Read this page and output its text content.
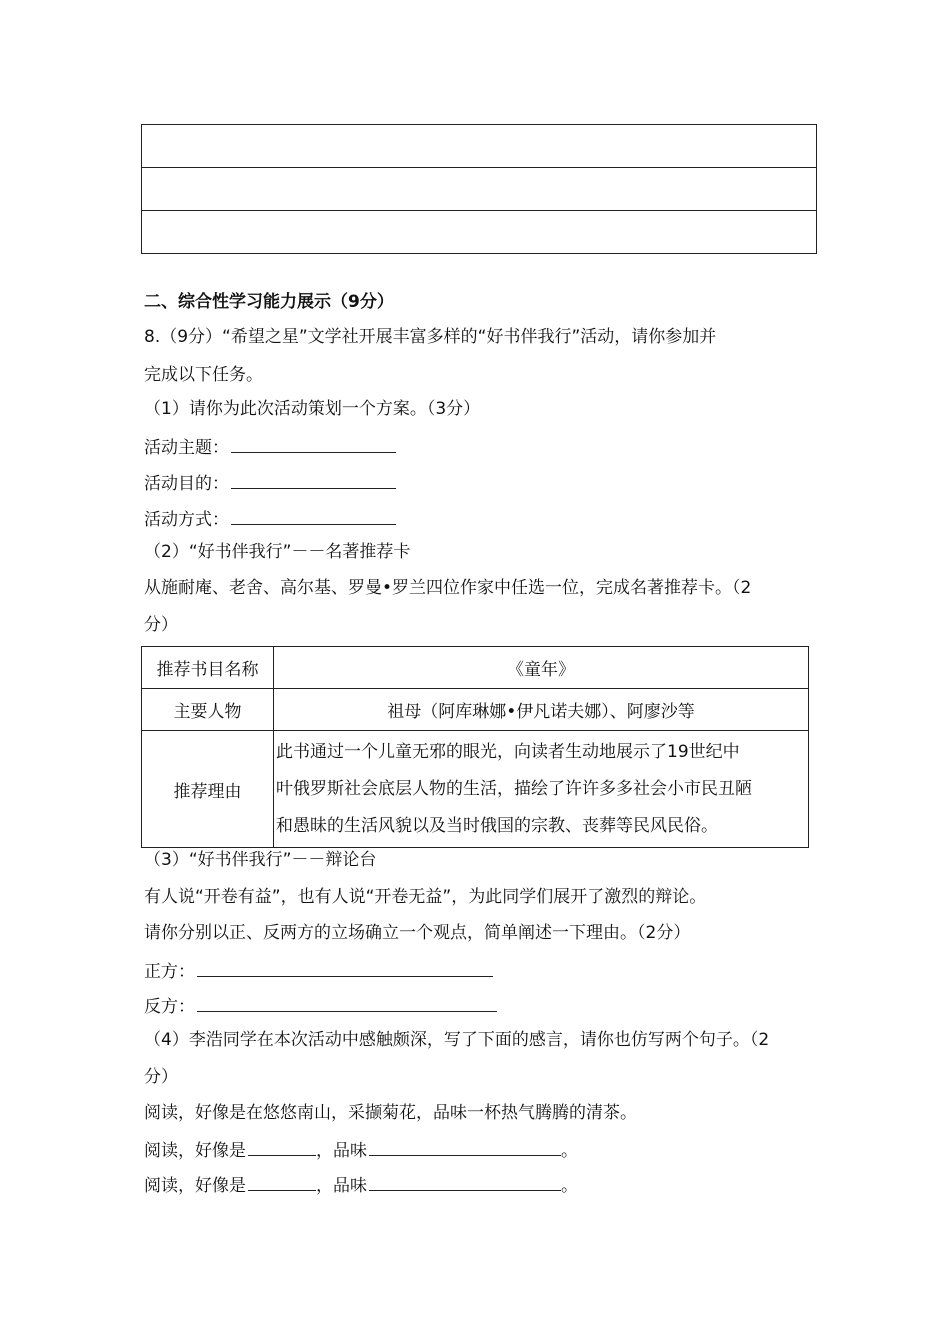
二、综合性学习能力展示（9分）
8.（9分）“希望之星”文学社开展丰富多样的“好书伴我行”活动，请你参加并
完成以下任务。
（1）请你为此次活动策划一个方案。（3分）
活动主题：
活动目的：
活动方式：
（2）“好书伴我行”－－名著推荐卡
从施耐庵、老舍、高尔基、罗曼•罗兰四位作家中任选一位，完成名著推荐卡。（2
分）
推荐书目名称	《童年》
主要人物	祖母（阿库琳娜•伊凡诺夫娜）、阿廖沙等
推荐理由	此书通过一个儿童无邪的眼光，向读者生动地展示了19世纪中
叶俄罗斯社会底层人物的生活，描绘了许许多多社会小市民丑陋
和愚昧的生活风貌以及当时俄国的宗教、丧葬等民风民俗。
（3）“好书伴我行”－－辩论台
有人说“开卷有益”，也有人说“开卷无益”，为此同学们展开了激烈的辩论。
请你分别以正、反两方的立场确立一个观点，简单阐述一下理由。（2分）
正方：
反方：
（4）李浩同学在本次活动中感触颇深，写了下面的感言，请你也仿写两个句子。（2
分）
阅读，好像是在悠悠南山，采撷菊花，品味一杯热气腾腾的清茶。
阅读，好像是	，品味	。
阅读，好像是	，品味	。
